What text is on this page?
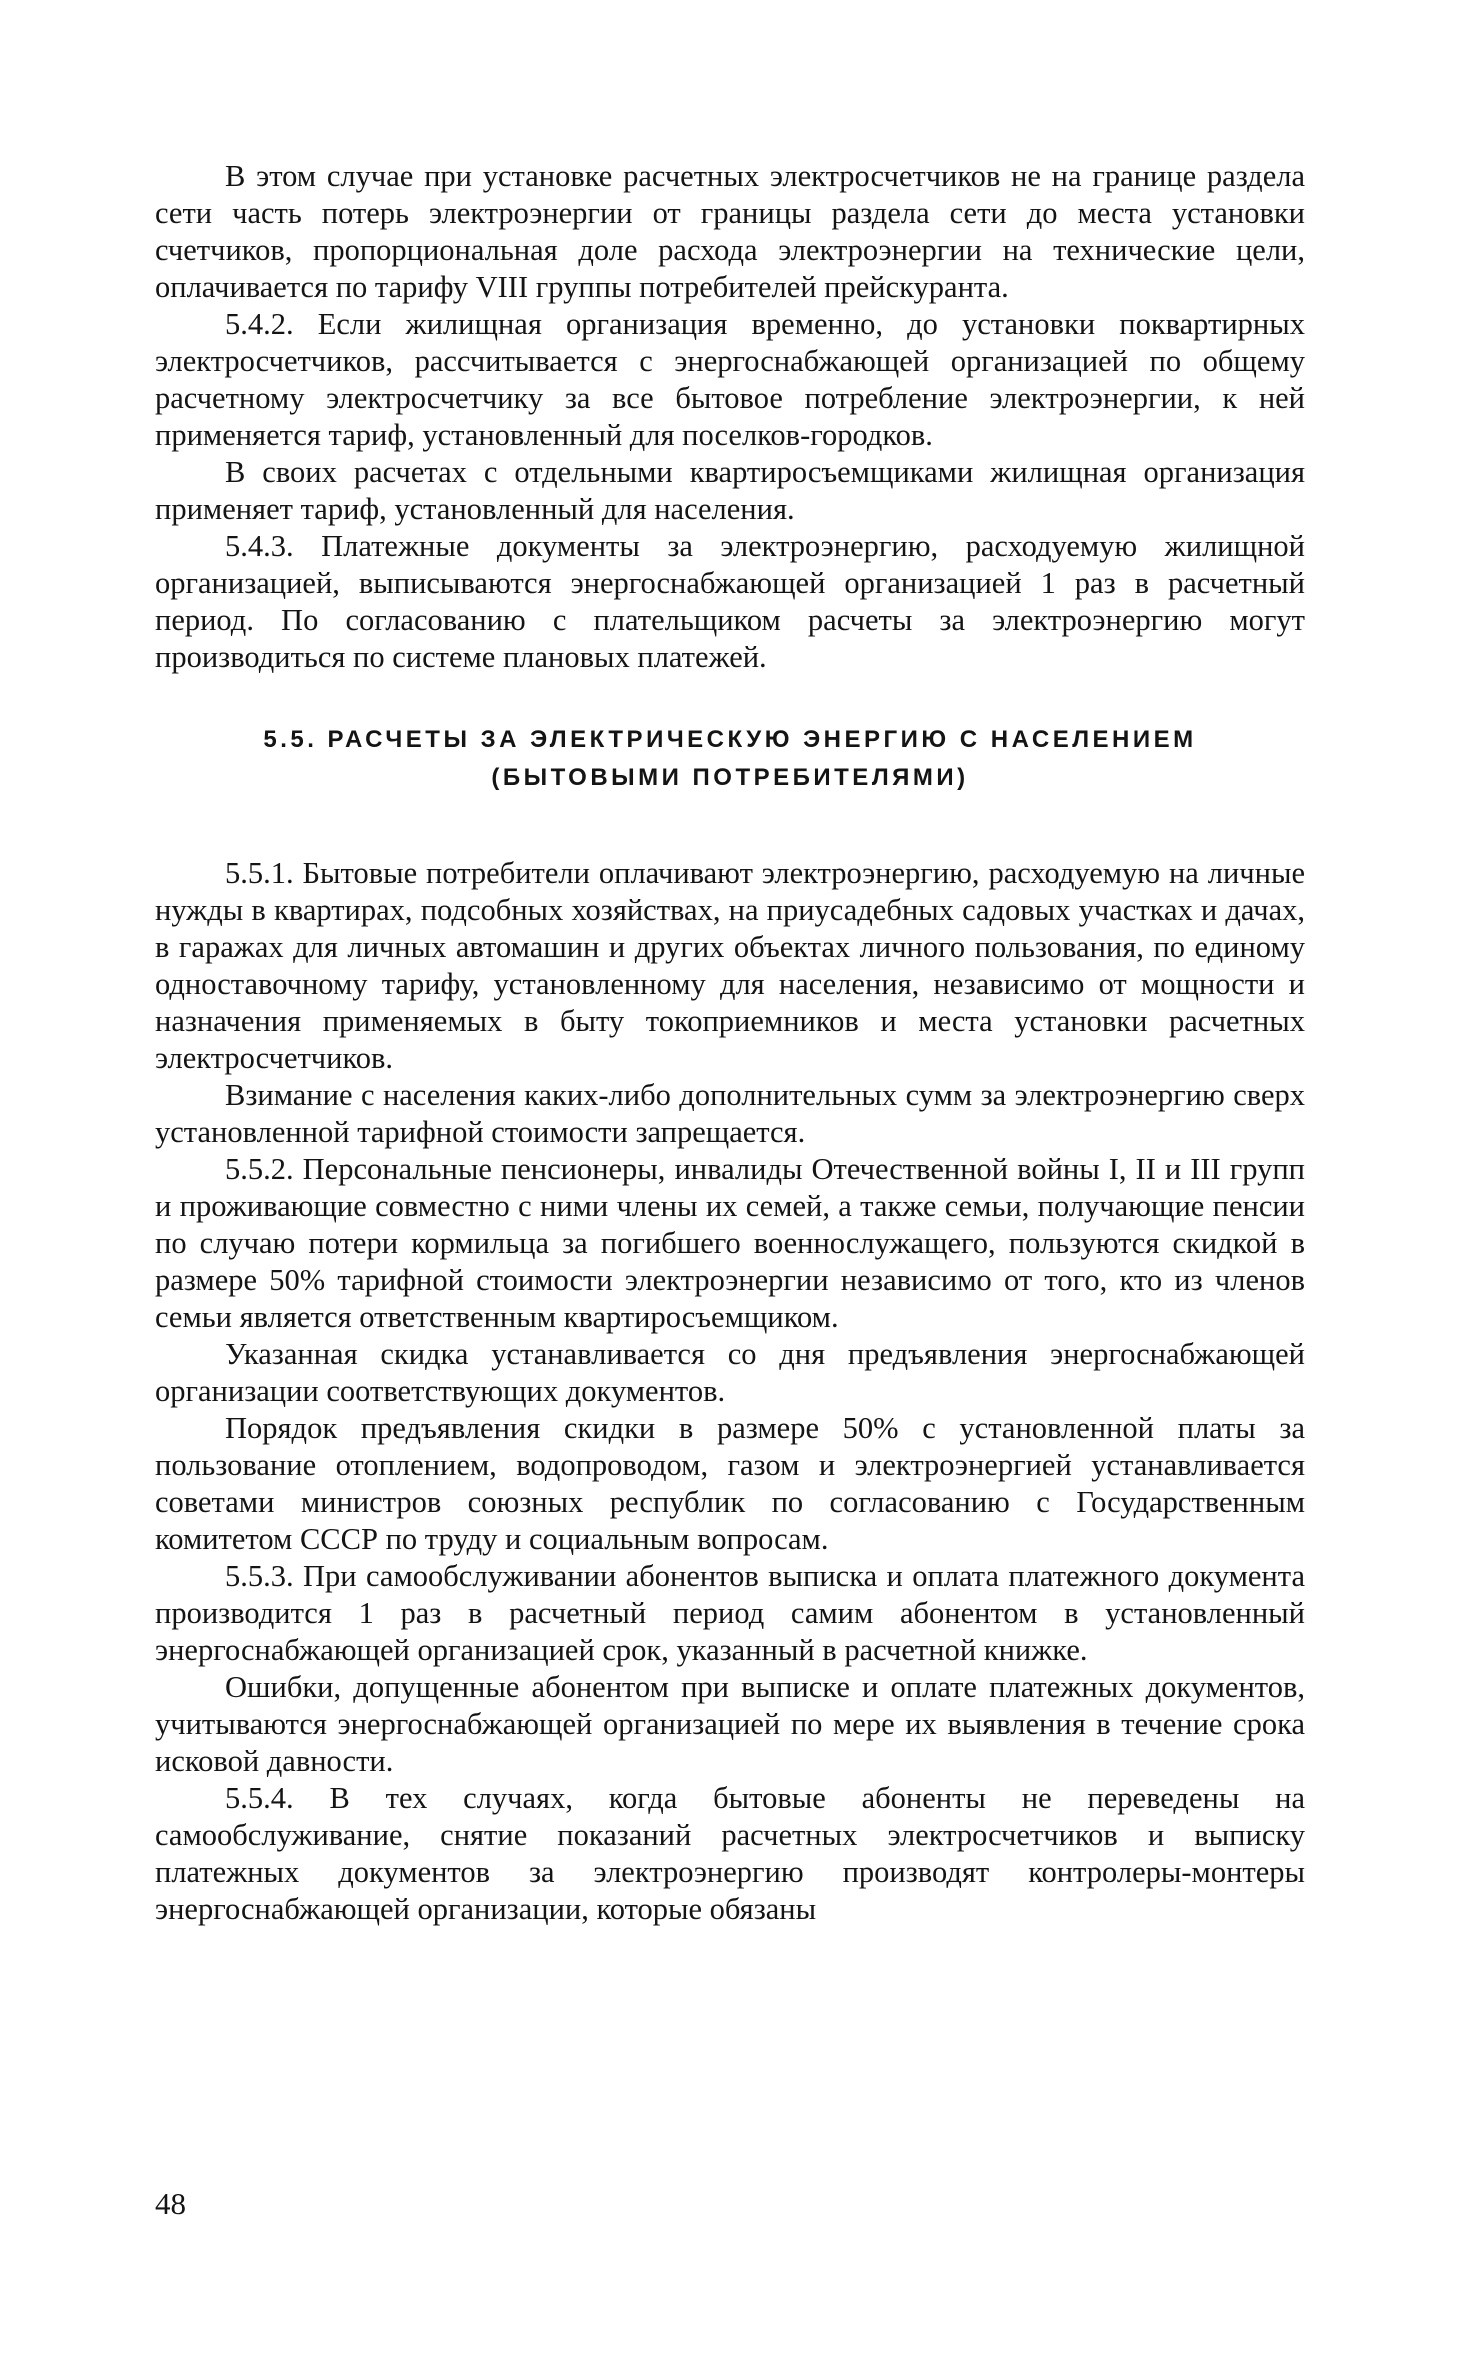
В этом случае при установке расчетных электросчетчиков не на границе раздела сети часть потерь электроэнергии от границы раздела сети до места установки счетчиков, пропорциональная доле расхода электроэнергии на технические цели, оплачивается по тарифу VIII группы потребителей прейскуранта.

5.4.2. Если жилищная организация временно, до установки поквартирных электросчетчиков, рассчитывается с энергоснабжающей организацией по общему расчетному электросчетчику за все бытовое потребление электроэнергии, к ней применяется тариф, установленный для поселков-городков.

В своих расчетах с отдельными квартиросъемщиками жилищная организация применяет тариф, установленный для населения.

5.4.3. Платежные документы за электроэнергию, расходуемую жилищной организацией, выписываются энергоснабжающей организацией 1 раз в расчетный период. По согласованию с плательщиком расчеты за электроэнергию могут производиться по системе плановых платежей.

5.5. РАСЧЕТЫ ЗА ЭЛЕКТРИЧЕСКУЮ ЭНЕРГИЮ С НАСЕЛЕНИЕМ
(БЫТОВЫМИ ПОТРЕБИТЕЛЯМИ)

5.5.1. Бытовые потребители оплачивают электроэнергию, расходуемую на личные нужды в квартирах, подсобных хозяйствах, на приусадебных садовых участках и дачах, в гаражах для личных автомашин и других объектах личного пользования, по единому одноставочному тарифу, установленному для населения, независимо от мощности и назначения применяемых в быту токоприемников и места установки расчетных электросчетчиков.

Взимание с населения каких-либо дополнительных сумм за электроэнергию сверх установленной тарифной стоимости запрещается.

5.5.2. Персональные пенсионеры, инвалиды Отечественной войны I, II и III групп и проживающие совместно с ними члены их семей, а также семьи, получающие пенсии по случаю потери кормильца за погибшего военнослужащего, пользуются скидкой в размере 50% тарифной стоимости электроэнергии независимо от того, кто из членов семьи является ответственным квартиросъемщиком.

Указанная скидка устанавливается со дня предъявления энергоснабжающей организации соответствующих документов.

Порядок предъявления скидки в размере 50% с установленной платы за пользование отоплением, водопроводом, газом и электроэнергией устанавливается советами министров союзных республик по согласованию с Государственным комитетом СССР по труду и социальным вопросам.

5.5.3. При самообслуживании абонентов выписка и оплата платежного документа производится 1 раз в расчетный период самим абонентом в установленный энергоснабжающей организацией срок, указанный в расчетной книжке.

Ошибки, допущенные абонентом при выписке и оплате платежных документов, учитываются энергоснабжающей организацией по мере их выявления в течение срока исковой давности.

5.5.4. В тех случаях, когда бытовые абоненты не переведены на самообслуживание, снятие показаний расчетных электросчетчиков и выписку платежных документов за электроэнергию производят контролеры-монтеры энергоснабжающей организации, которые обязаны

48
